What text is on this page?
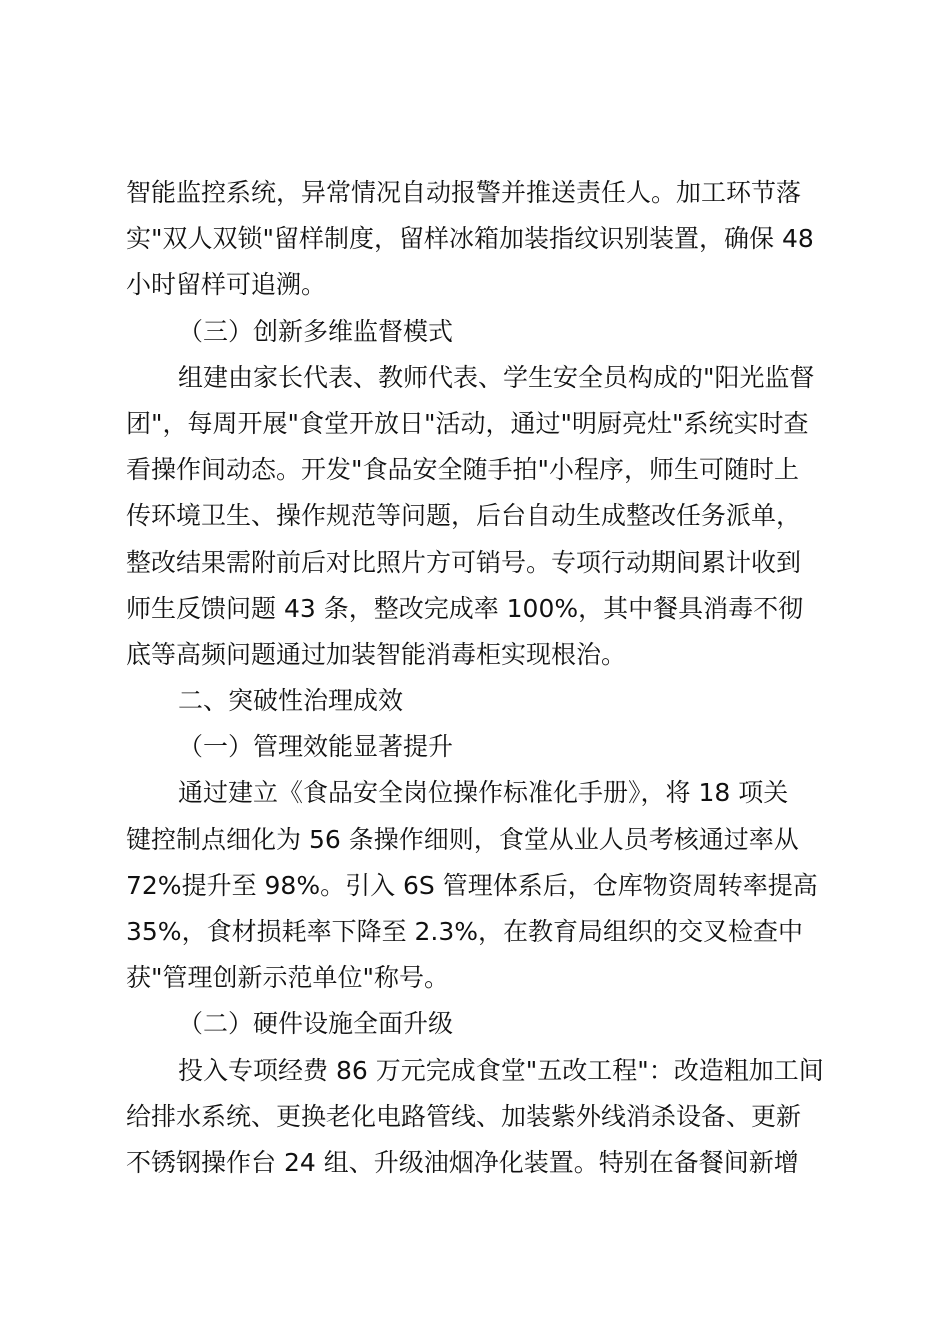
智能监控系统，异常情况自动报警并推送责任人。加工环节落
实"双人双锁"留样制度，留样冰箱加装指纹识别装置，确保 48
小时留样可追溯。
（三）创新多维监督模式
组建由家长代表、教师代表、学生安全员构成的"阳光监督
团"，每周开展"食堂开放日"活动，通过"明厨亮灶"系统实时查
看操作间动态。开发"食品安全随手拍"小程序，师生可随时上
传环境卫生、操作规范等问题，后台自动生成整改任务派单，
整改结果需附前后对比照片方可销号。专项行动期间累计收到
师生反馈问题 43 条，整改完成率 100%，其中餐具消毒不彻
底等高频问题通过加装智能消毒柜实现根治。
二、突破性治理成效
（一）管理效能显著提升
通过建立《食品安全岗位操作标准化手册》，将 18 项关
键控制点细化为 56 条操作细则，食堂从业人员考核通过率从
72%提升至 98%。引入 6S 管理体系后，仓库物资周转率提高
35%，食材损耗率下降至 2.3%，在教育局组织的交叉检查中
获"管理创新示范单位"称号。
（二）硬件设施全面升级
投入专项经费 86 万元完成食堂"五改工程"：改造粗加工间
给排水系统、更换老化电路管线、加装紫外线消杀设备、更新
不锈钢操作台 24 组、升级油烟净化装置。特别在备餐间新增
